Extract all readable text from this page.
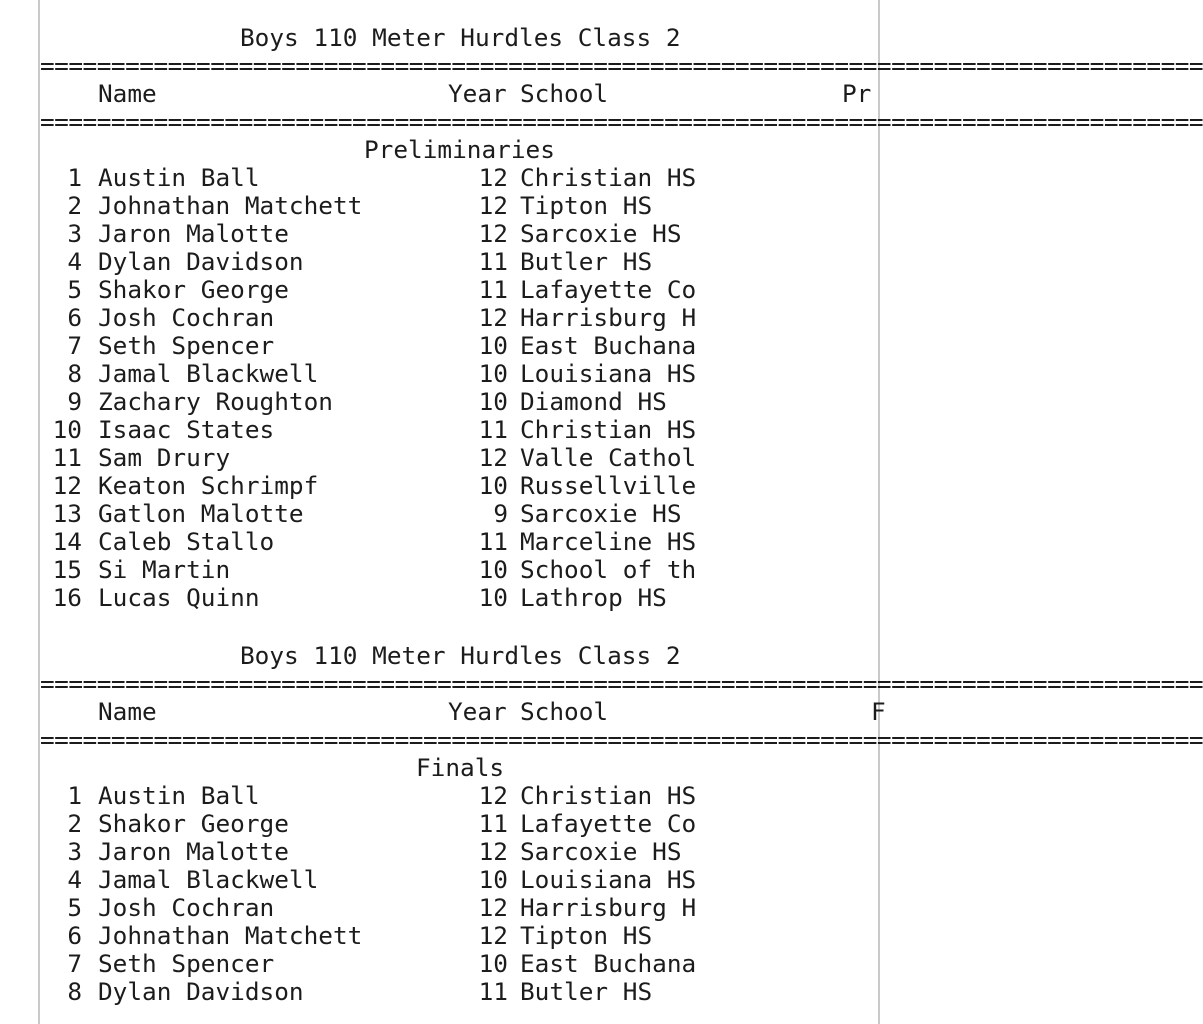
Boys 110 Meter Hurdles Class 2
==================================================================================
Name	Year School	Pr
==================================================================================
Preliminaries
1 Austin Ball	12 Christian HS
2 Johnathan Matchett	12 Tipton HS
3 Jaron Malotte	12 Sarcoxie HS
4 Dylan Davidson	11 Butler HS
5 Shakor George	11 Lafayette Co
6 Josh Cochran	12 Harrisburg H
7 Seth Spencer	10 East Buchana
8 Jamal Blackwell	10 Louisiana HS
9 Zachary Roughton	10 Diamond HS
10 Isaac States	11 Christian HS
11 Sam Drury	12 Valle Cathol
12 Keaton Schrimpf	10 Russellville
13 Gatlon Malotte	9 Sarcoxie HS
14 Caleb Stallo	11 Marceline HS
15 Si Martin	10 School of th
16 Lucas Quinn	10 Lathrop HS
Boys 110 Meter Hurdles Class 2
==================================================================================
Name	Year School	F
==================================================================================
Finals
1 Austin Ball	12 Christian HS
2 Shakor George	11 Lafayette Co
3 Jaron Malotte	12 Sarcoxie HS
4 Jamal Blackwell	10 Louisiana HS
5 Josh Cochran	12 Harrisburg H
6 Johnathan Matchett	12 Tipton HS
7 Seth Spencer	10 East Buchana
8 Dylan Davidson	11 Butler HS
